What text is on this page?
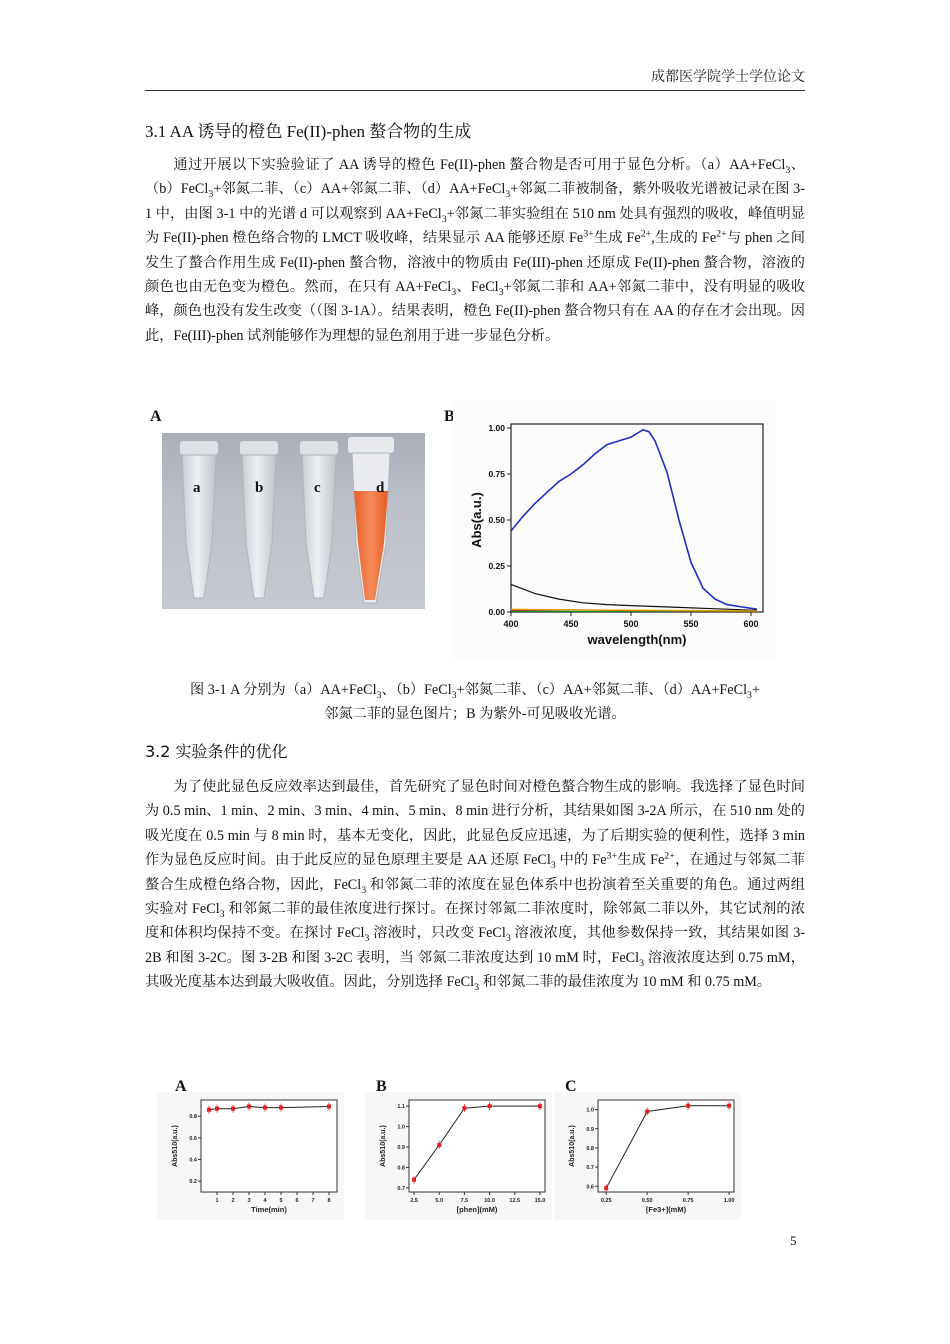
成都医学院学士学位论文
3.1 AA 诱导的橙色 Fe(II)-phen 螯合物的生成

通过开展以下实验验证了 AA 诱导的橙色 Fe(II)-phen 螯合物是否可用于显色分析。（a）AA+FeCl$_3$、（b）FeCl$_3$+邻氮二菲、（c）AA+邻氮二菲、（d）AA+FeCl$_3$+邻氮二菲被制备，紫外吸收光谱被记录在图 3-1 中，由图 3-1 中的光谱 d 可以观察到 AA+FeCl$_3$+邻氮二菲实验组在 510 nm 处具有强烈的吸收，峰值明显为 Fe(II)-phen 橙色络合物的 LMCT 吸收峰，结果显示 AA 能够还原 $Fe^{3+}$生成 $Fe^{2+}$,生成的 $Fe^{2+}$与 phen 之间发生了螯合作用生成 Fe(II)-phen 螯合物，溶液中的物质由 Fe(III)-phen 还原成 Fe(II)-phen 螯合物，溶液的颜色也由无色变为橙色。然而，在只有 AA+FeCl$_3$、FeCl$_3$+邻氮二菲和 AA+邻氮二菲中，没有明显的吸收峰，颜色也没有发生改变（（图 3-1A）。结果表明，橙色 Fe(II)-phen 螯合物只有在 AA 的存在才会出现。因此，Fe(III)-phen 试剂能够作为理想的显色剂用于进一步显色分析。

A	B
a	b	c	d
400	450	500	550	600
0.00
0.25
0.50
0.75
1.00
wavelength(nm)
Abs(a.u.)
图 3-1 A 分别为（a）AA+FeCl$_3$、（b）FeCl$_3$+邻氮二菲、（c）AA+邻氮二菲、（d）AA+FeCl$_3$+
邻氮二菲的显色图片；B 为紫外-可见吸收光谱。
3.2 实验条件的优化

为了使此显色反应效率达到最佳，首先研究了显色时间对橙色螯合物生成的影响。我选择了显色时间为 0.5 min、1 min、2 min、3 min、4 min、5 min、8 min 进行分析，其结果如图 3-2A 所示，在 510 nm 处的吸光度在 0.5 min 与 8 min 时，基本无变化，因此，此显色反应迅速，为了后期实验的便利性，选择 3 min 作为显色反应时间。由于此反应的显色原理主要是 AA 还原 FeCl$_3$ 中的 $Fe^{3+}$生成 $Fe^{2+}$，在通过与邻氮二菲螯合生成橙色络合物，因此，FeCl$_3$ 和邻氮二菲的浓度在显色体系中也扮演着至关重要的角色。通过两组实验对 FeCl$_3$ 和邻氮二菲的最佳浓度进行探讨。在探讨邻氮二菲浓度时，除邻氮二菲以外，其它试剂的浓度和体积均保持不变。在探讨 FeCl$_3$ 溶液时，只改变 FeCl$_3$ 溶液浓度，其他参数保持一致，其结果如图 3-2B 和图 3-2C。图 3-2B 和图 3-2C 表明，当 邻氮二菲浓度达到 10 mM 时，FeCl$_3$ 溶液浓度达到 0.75 mM，其吸光度基本达到最大吸收值。因此，分别选择 FeCl$_3$ 和邻氮二菲的最佳浓度为 10 mM 和 0.75 mM。

A	B	C
1 2 3 4 5 6 7 8
0.2
0.4
0.6
0.8
Time(min)
Abs510(a.u.)
2.5	5.0	7.5	10.0	12.5	15.0
0.7
0.8
0.9
1.0
1.1
[phen](mM)
Abs510(a.u.)
0.25	0.50	0.75	1.00
0.6
0.7
0.8
0.9
1.0
[Fe3+](mM)
Abs510(a.u.)
5
